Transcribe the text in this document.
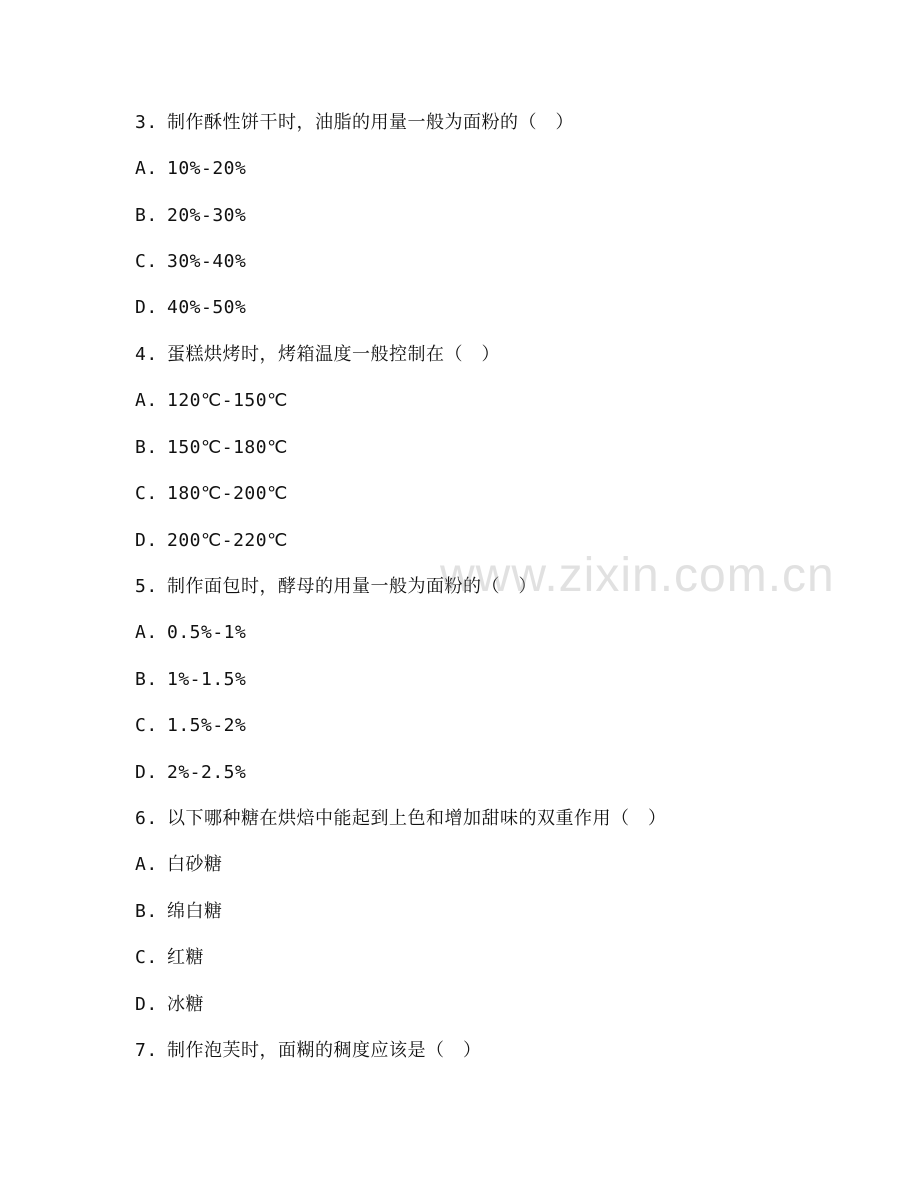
3. 制作酥性饼干时，油脂的用量一般为面粉的（　）
A. 10%-20%
B. 20%-30%
C. 30%-40%
D. 40%-50%
4. 蛋糕烘烤时，烤箱温度一般控制在（　）
A. 120℃-150℃
B. 150℃-180℃
C. 180℃-200℃
D. 200℃-220℃
5. 制作面包时，酵母的用量一般为面粉的（　）
A. 0.5%-1%
B. 1%-1.5%
C. 1.5%-2%
D. 2%-2.5%
6. 以下哪种糖在烘焙中能起到上色和增加甜味的双重作用（　）
A. 白砂糖
B. 绵白糖
C. 红糖
D. 冰糖
7. 制作泡芙时，面糊的稠度应该是（　）
www.zixin.com.cn
